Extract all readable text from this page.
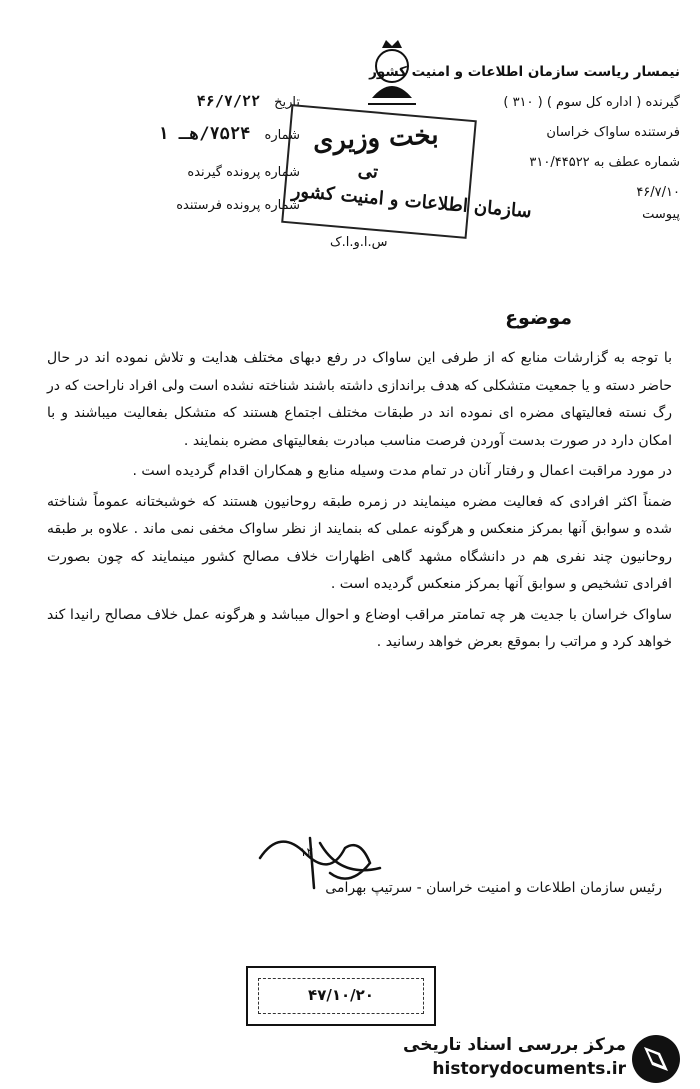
نیمسار ریاست سازمان اطلاعات و امنیت کشور
گیرنده ( اداره کل سوم ) ( ۳۱۰ )
فرستنده ساواک خراسان
شماره عطف به ۳۱۰/۴۴۵۲۲
۴۶/۷/۱۰
پیوست
تاریخ ۴۶/۷/۲۲
شماره ۷۵۲۴/هـ ۱
شماره پرونده گیرنده
شماره پرونده فرستنده
بخت وزیری
تی
سازمان اطلاعات و امنیت کشور
س.ا.و.ا.ک
موضوع

با توجه به گزارشات منابع که از طرفی این ساواک در رفع دبهای مختلف هدایت و تلاش نموده اند در حال حاضر دسته و یا جمعیت متشکلی که هدف براندازی داشته باشند شناخته نشده است ولی افراد ناراحت که در رگ نسته فعالیتهای مضره ای نموده اند در طبقات مختلف اجتماع هستند که متشکل بفعالیت میباشند و با امکان دارد در صورت بدست آوردن فرصت مناسب مبادرت بفعالیتهای مضره بنمایند .

در مورد مراقبت اعمال و رفتار آنان در تمام مدت وسیله منابع و همکاران اقدام گردیده است .

ضمناً اکثر افرادی که فعالیت مضره مینمایند در زمره طبقه روحانیون هستند که خوشبختانه عموماً شناخته شده و سوابق آنها بمرکز منعکس و هرگونه عملی که بنمایند از نظر ساواک مخفی نمی ماند . علاوه بر طبقه روحانیون چند نفری هم در دانشگاه مشهد گاهی اظهارات خلاف مصالح کشور مینمایند که چون بصورت افرادی تشخیص و سوابق آنها بمرکز منعکس گردیده است .

ساواک خراسان با جدیت هر چه تمامتر مراقب اوضاع و احوال میباشد و هرگونه عمل خلاف مصالح رانیدا کند خواهد کرد و مراتب را بموقع بعرض خواهد رسانید .

۱۲
رئیس سازمان اطلاعات و امنیت خراسان - سرتیپ بهرامی
۴۷/۱۰/۲۰
مرکز بررسی اسناد تاریخی
historydocuments.ir
